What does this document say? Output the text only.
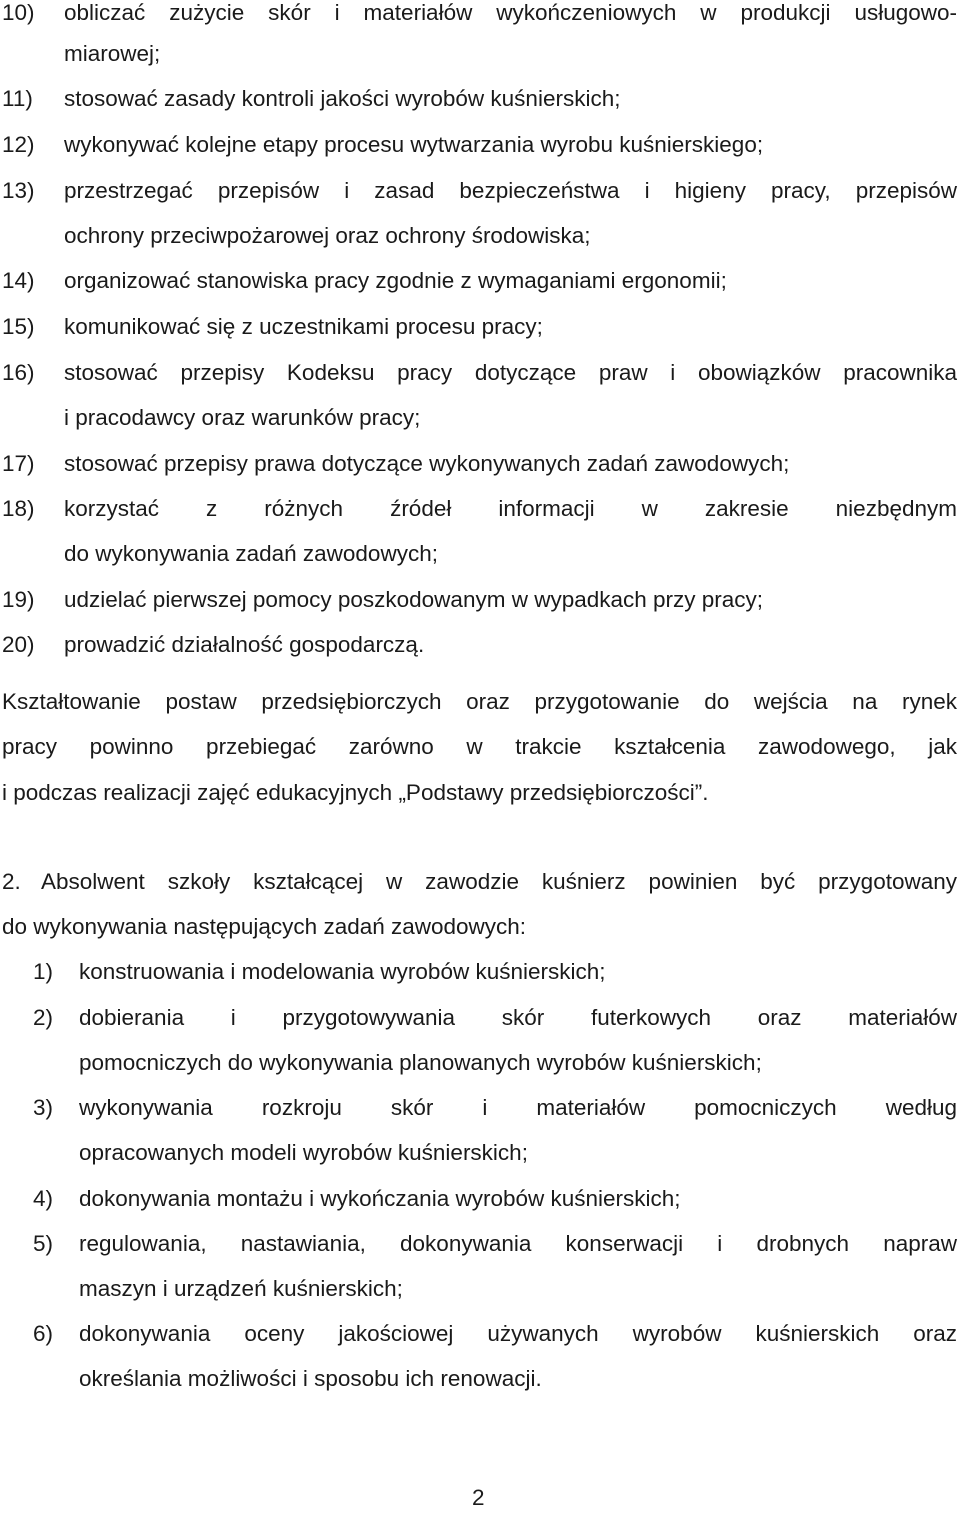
10) obliczać zużycie skór i materiałów wykończeniowych w produkcji usługowo-
miarowej;
11) stosować zasady kontroli jakości wyrobów kuśnierskich;
12) wykonywać kolejne etapy procesu wytwarzania wyrobu kuśnierskiego;
13) przestrzegać przepisów i zasad bezpieczeństwa i higieny pracy, przepisów
ochrony przeciwpożarowej oraz ochrony środowiska;
14) organizować stanowiska pracy zgodnie z wymaganiami ergonomii;
15) komunikować się z uczestnikami procesu pracy;
16) stosować przepisy Kodeksu pracy dotyczące praw i obowiązków pracownika
i pracodawcy oraz warunków pracy;
17) stosować przepisy prawa dotyczące wykonywanych zadań zawodowych;
18) korzystać z różnych źródeł informacji w zakresie niezbędnym
do wykonywania zadań zawodowych;
19) udzielać pierwszej pomocy poszkodowanym w wypadkach przy pracy;
20) prowadzić działalność gospodarczą.
Kształtowanie postaw przedsiębiorczych oraz przygotowanie do wejścia na rynek
pracy powinno przebiegać zarówno w trakcie kształcenia zawodowego, jak
i podczas realizacji zajęć edukacyjnych „Podstawy przedsiębiorczości”.
2. Absolwent szkoły kształcącej w zawodzie kuśnierz powinien być przygotowany
do wykonywania następujących zadań zawodowych:
1) konstruowania i modelowania wyrobów kuśnierskich;
2) dobierania i przygotowywania skór futerkowych oraz materiałów
pomocniczych do wykonywania planowanych wyrobów kuśnierskich;
3) wykonywania rozkroju skór i materiałów pomocniczych według
opracowanych modeli wyrobów kuśnierskich;
4) dokonywania montażu i wykończania wyrobów kuśnierskich;
5) regulowania, nastawiania, dokonywania konserwacji i drobnych napraw
maszyn i urządzeń kuśnierskich;
6) dokonywania oceny jakościowej używanych wyrobów kuśnierskich oraz
określania możliwości i sposobu ich renowacji.
2
